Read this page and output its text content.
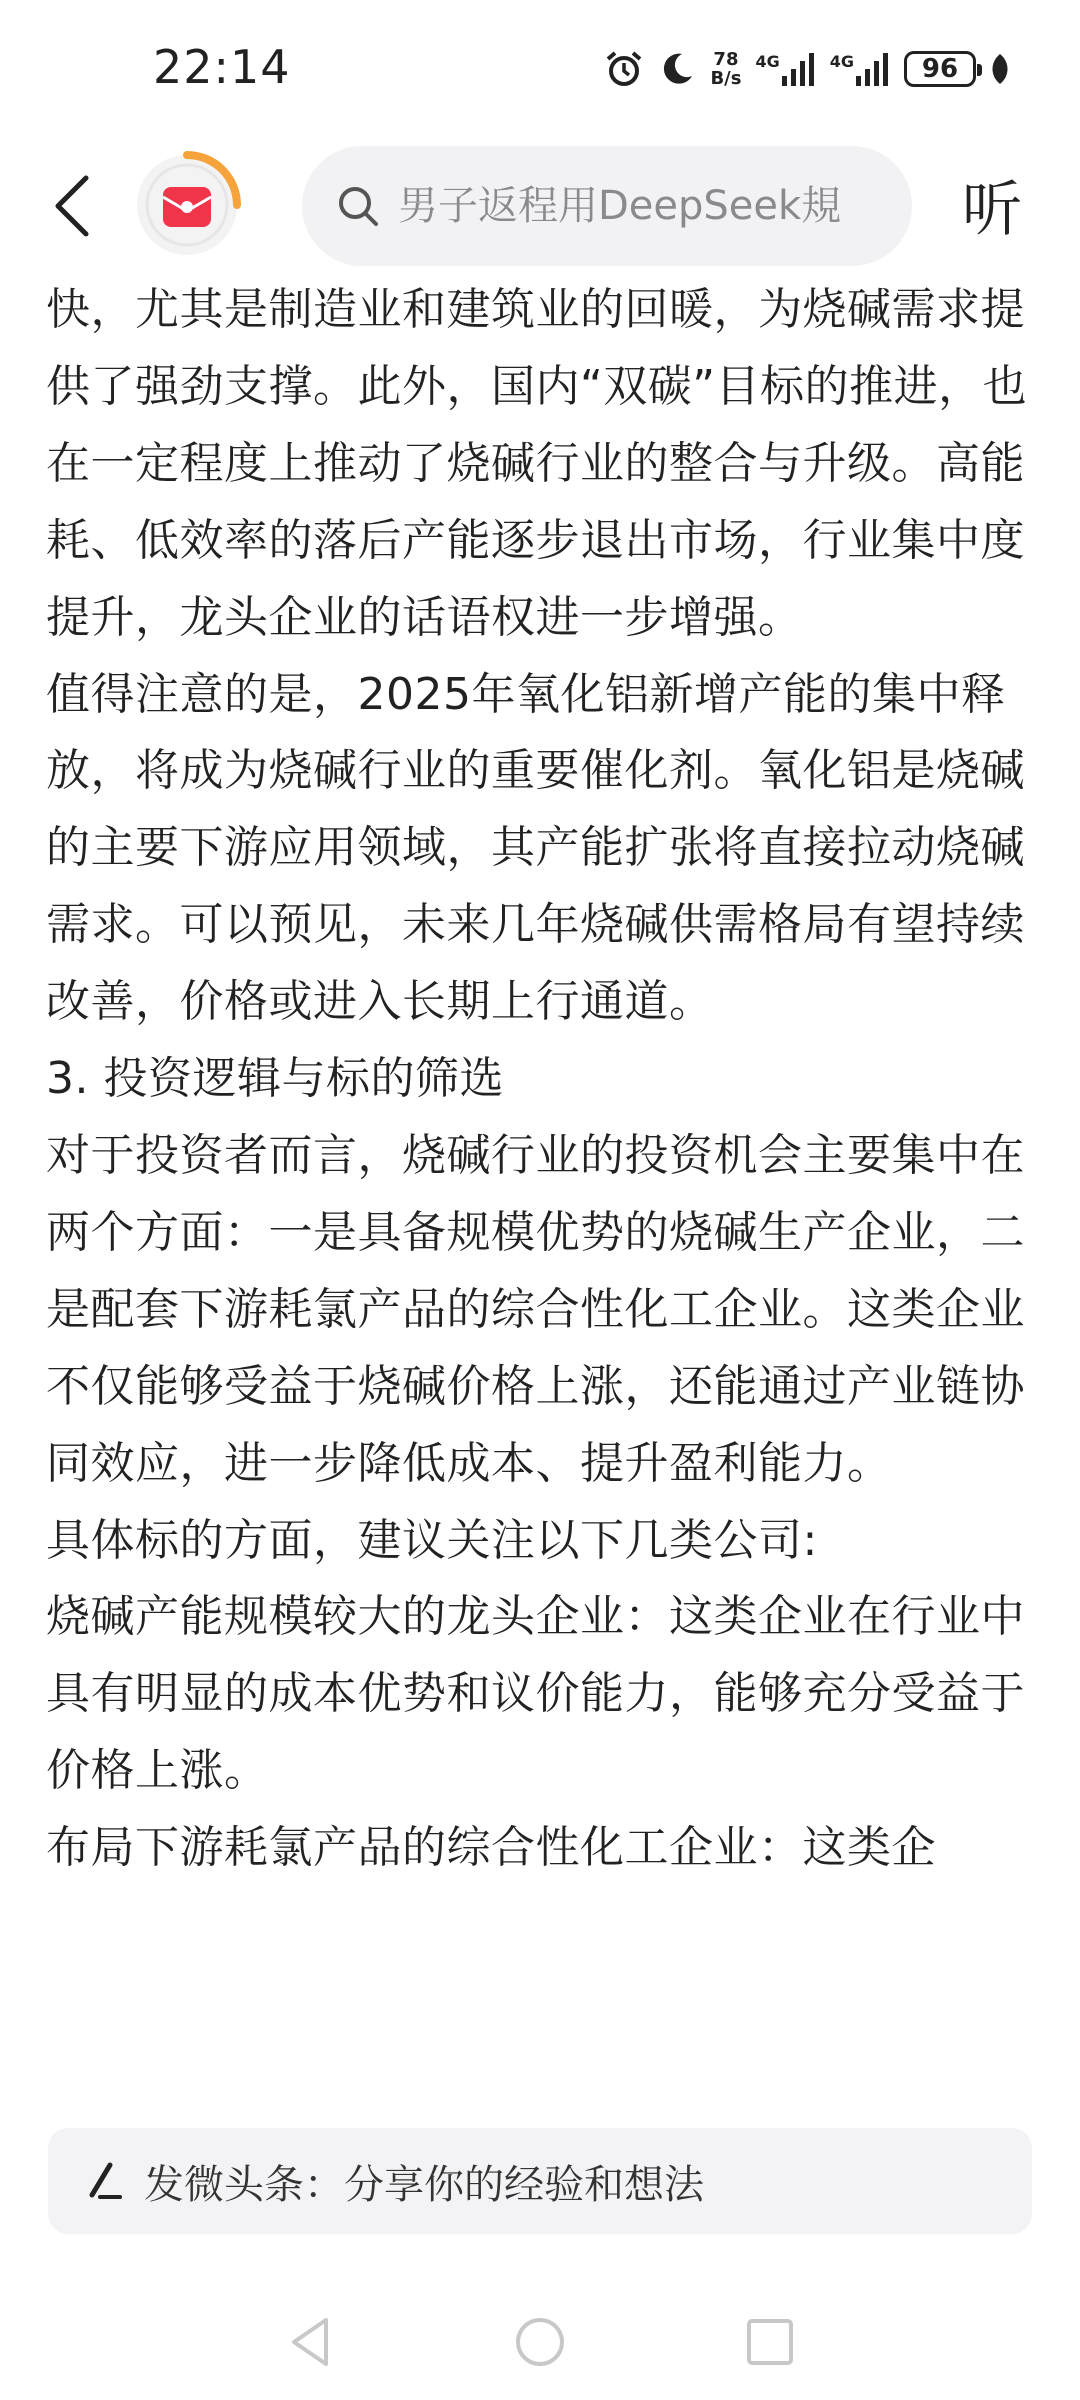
22:14	78
B/s
4G	4G	96
男子返程用DeepSeek規
听

快，尤其是制造业和建筑业的回暖，为烧碱需求提供了强劲支撑。此外，国内“双碳”目标的推进，也在一定程度上推动了烧碱行业的整合与升级。高能耗、低效率的落后产能逐步退出市场，行业集中度提升，龙头企业的话语权进一步增强。

值得注意的是，2025年氧化铝新增产能的集中释放，将成为烧碱行业的重要催化剂。氧化铝是烧碱的主要下游应用领域，其产能扩张将直接拉动烧碱需求。可以预见，未来几年烧碱供需格局有望持续改善，价格或进入长期上行通道。

3. 投资逻辑与标的筛选

对于投资者而言，烧碱行业的投资机会主要集中在两个方面：一是具备规模优势的烧碱生产企业，二是配套下游耗氯产品的综合性化工企业。这类企业不仅能够受益于烧碱价格上涨，还能通过产业链协同效应，进一步降低成本、提升盈利能力。

具体标的方面，建议关注以下几类公司:

烧碱产能规模较大的龙头企业：这类企业在行业中具有明显的成本优势和议价能力，能够充分受益于价格上涨。

布局下游耗氯产品的综合性化工企业：这类企

发微头条：分享你的经验和想法
